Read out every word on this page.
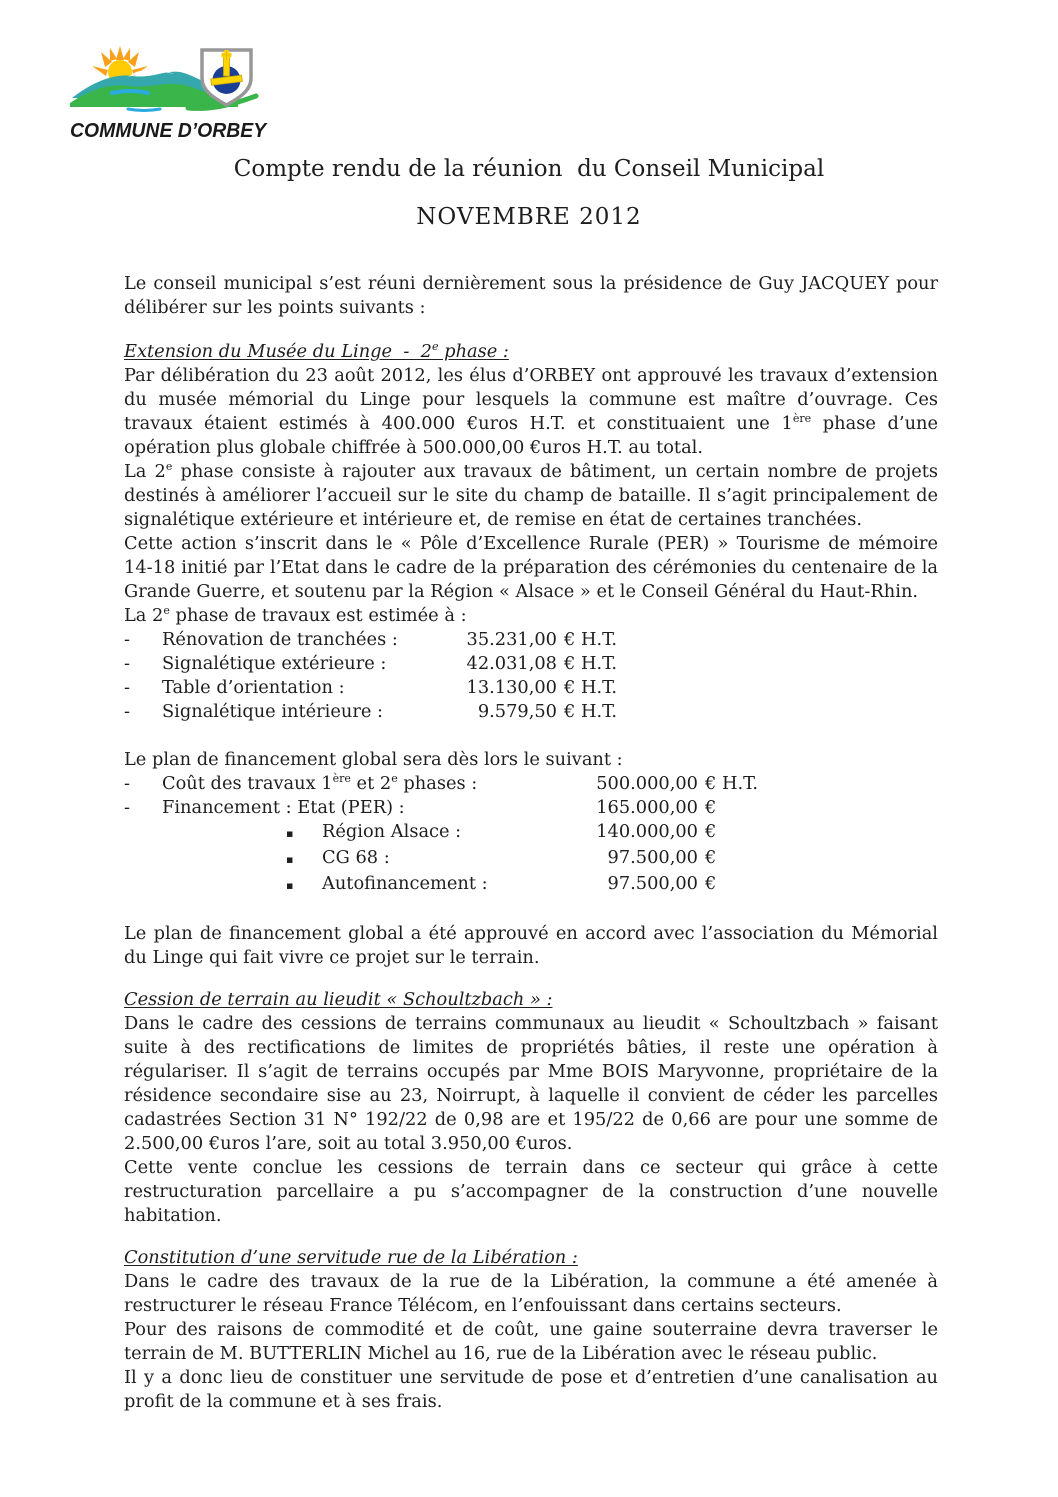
COMMUNE D’ORBEY
Compte rendu de la réunion  du Conseil Municipal
NOVEMBRE 2012

Le conseil municipal s’est réuni dernièrement sous la présidence de Guy JACQUEY pour délibérer sur les points suivants :

Extension du Musée du Linge  -  2e phase :

Par délibération du 23 août 2012, les élus d’ORBEY ont approuvé les travaux d’extension du musée mémorial du Linge pour lesquels la commune est maître d’ouvrage. Ces travaux étaient estimés à 400.000 €uros H.T. et constituaient une 1ère phase d’une opération plus globale chiffrée à 500.000,00 €uros H.T. au total.

La 2e phase consiste à rajouter aux travaux de bâtiment, un certain nombre de projets destinés à améliorer l’accueil sur le site du champ de bataille. Il s’agit principalement de signalétique extérieure et intérieure et, de remise en état de certaines tranchées.

Cette action s’inscrit dans le « Pôle d’Excellence Rurale (PER) » Tourisme de mémoire 14-18 initié par l’Etat dans le cadre de la préparation des cérémonies du centenaire de la Grande Guerre, et soutenu par la Région « Alsace » et le Conseil Général du Haut-Rhin.

La 2e phase de travaux est estimée à :

-	Rénovation de tranchées :	35.231,00 € H.T.
-	Signalétique extérieure :	42.031,08 € H.T.
-	Table d’orientation :	13.130,00 € H.T.
-	Signalétique intérieure :	9.579,50 € H.T.

Le plan de financement global sera dès lors le suivant :

-	Coût des travaux 1ère et 2e phases :	500.000,00 € H.T.
-	Financement : Etat (PER) :	165.000,00 €
▪	Région Alsace :	140.000,00 €
▪	CG 68 :	97.500,00 €
▪	Autofinancement :	97.500,00 €

Le plan de financement global a été approuvé en accord avec l’association du Mémorial du Linge qui fait vivre ce projet sur le terrain.

Cession de terrain au lieudit « Schoultzbach » :

Dans le cadre des cessions de terrains communaux au lieudit « Schoultzbach » faisant suite à des rectifications de limites de propriétés bâties, il reste une opération à régulariser. Il s’agit de terrains occupés par Mme BOIS Maryvonne, propriétaire de la résidence secondaire sise au 23, Noirrupt, à laquelle il convient de céder les parcelles cadastrées Section 31 N° 192/22 de 0,98 are et 195/22 de 0,66 are pour une somme de 2.500,00 €uros l’are, soit au total 3.950,00 €uros.

Cette vente conclue les cessions de terrain dans ce secteur qui grâce à cette restructuration parcellaire a pu s’accompagner de la construction d’une nouvelle habitation.

Constitution d’une servitude rue de la Libération :

Dans le cadre des travaux de la rue de la Libération, la commune a été amenée à restructurer le réseau France Télécom, en l’enfouissant dans certains secteurs.

Pour des raisons de commodité et de coût, une gaine souterraine devra traverser le terrain de M. BUTTERLIN Michel au 16, rue de la Libération avec le réseau public.

Il y a donc lieu de constituer une servitude de pose et d’entretien d’une canalisation au profit de la commune et à ses frais.
